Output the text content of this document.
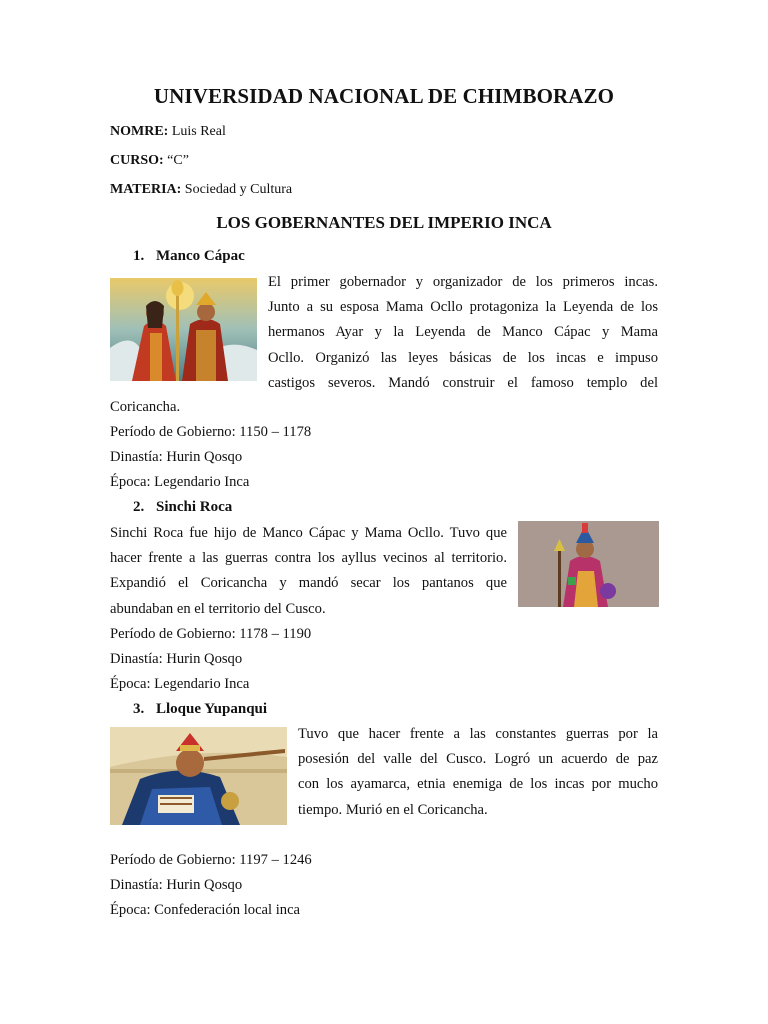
UNIVERSIDAD NACIONAL DE CHIMBORAZO
NOMRE: Luis Real
CURSO: “C”
MATERIA: Sociedad y Cultura
LOS GOBERNANTES DEL IMPERIO INCA
1. Manco Cápac
El primer gobernador y organizador de los primeros incas.
Junto a su esposa Mama Ocllo protagoniza la Leyenda de los
hermanos Ayar y la Leyenda de Manco Cápac y Mama
Ocllo. Organizó las leyes básicas de los incas e impuso
castigos severos. Mandó construir el famoso templo del
Coricancha.
Período de Gobierno: 1150 – 1178
Dinastía: Hurin Qosqo
Época: Legendario Inca
2. Sinchi Roca
Sinchi Roca fue hijo de Manco Cápac y Mama Ocllo. Tuvo que
hacer frente a las guerras contra los ayllus vecinos al territorio.
Expandió el Coricancha y mandó secar los pantanos que
abundaban en el territorio del Cusco.
Período de Gobierno: 1178 – 1190
Dinastía: Hurin Qosqo
Época: Legendario Inca
3. Lloque Yupanqui
Tuvo que hacer frente a las constantes guerras por la
posesión del valle del Cusco. Logró un acuerdo de paz
con los ayamarca, etnia enemiga de los incas por mucho
tiempo. Murió en el Coricancha.
Período de Gobierno: 1197 – 1246
Dinastía: Hurin Qosqo
Época: Confederación local inca
